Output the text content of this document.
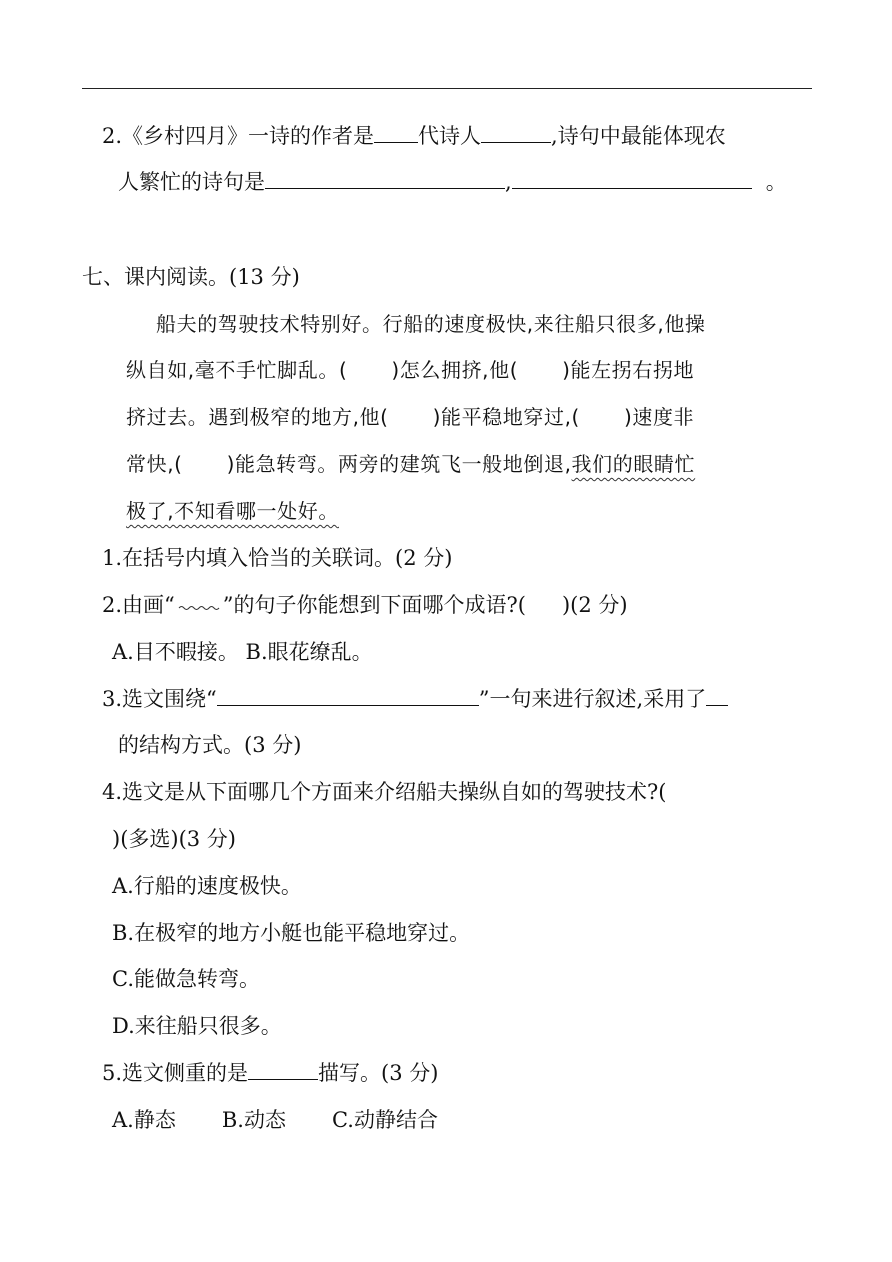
2.《乡村四月》一诗的作者是 代诗人	,诗句中最能体现农
人繁忙的诗句是	,	。
七、课内阅读。(13 分)
船夫的驾驶技术特别好。行船的速度极快,来往船只很多,他操
纵自如,毫不手忙脚乱。( )怎么拥挤,他( )能左拐右拐地
挤过去。遇到极窄的地方,他( )能平稳地穿过,( )速度非
常快,( )能急转弯。两旁的建筑飞一般地倒退,我们的眼睛忙
极了,不知看哪一处好。
1.在括号内填入恰当的关联词。(2 分)
2.由画“ ”的句子你能想到下面哪个成语?( )(2 分)
A.目不暇接。 B.眼花缭乱。
3.选文围绕“	”一句来进行叙述,采用了
的结构方式。(3 分)
4.选文是从下面哪几个方面来介绍船夫操纵自如的驾驶技术?(
)(多选)(3 分)
A.行船的速度极快。
B.在极窄的地方小艇也能平稳地穿过。
C.能做急转弯。
D.来往船只很多。
5.选文侧重的是	描写。(3 分)
A.静态 B.动态 C.动静结合
